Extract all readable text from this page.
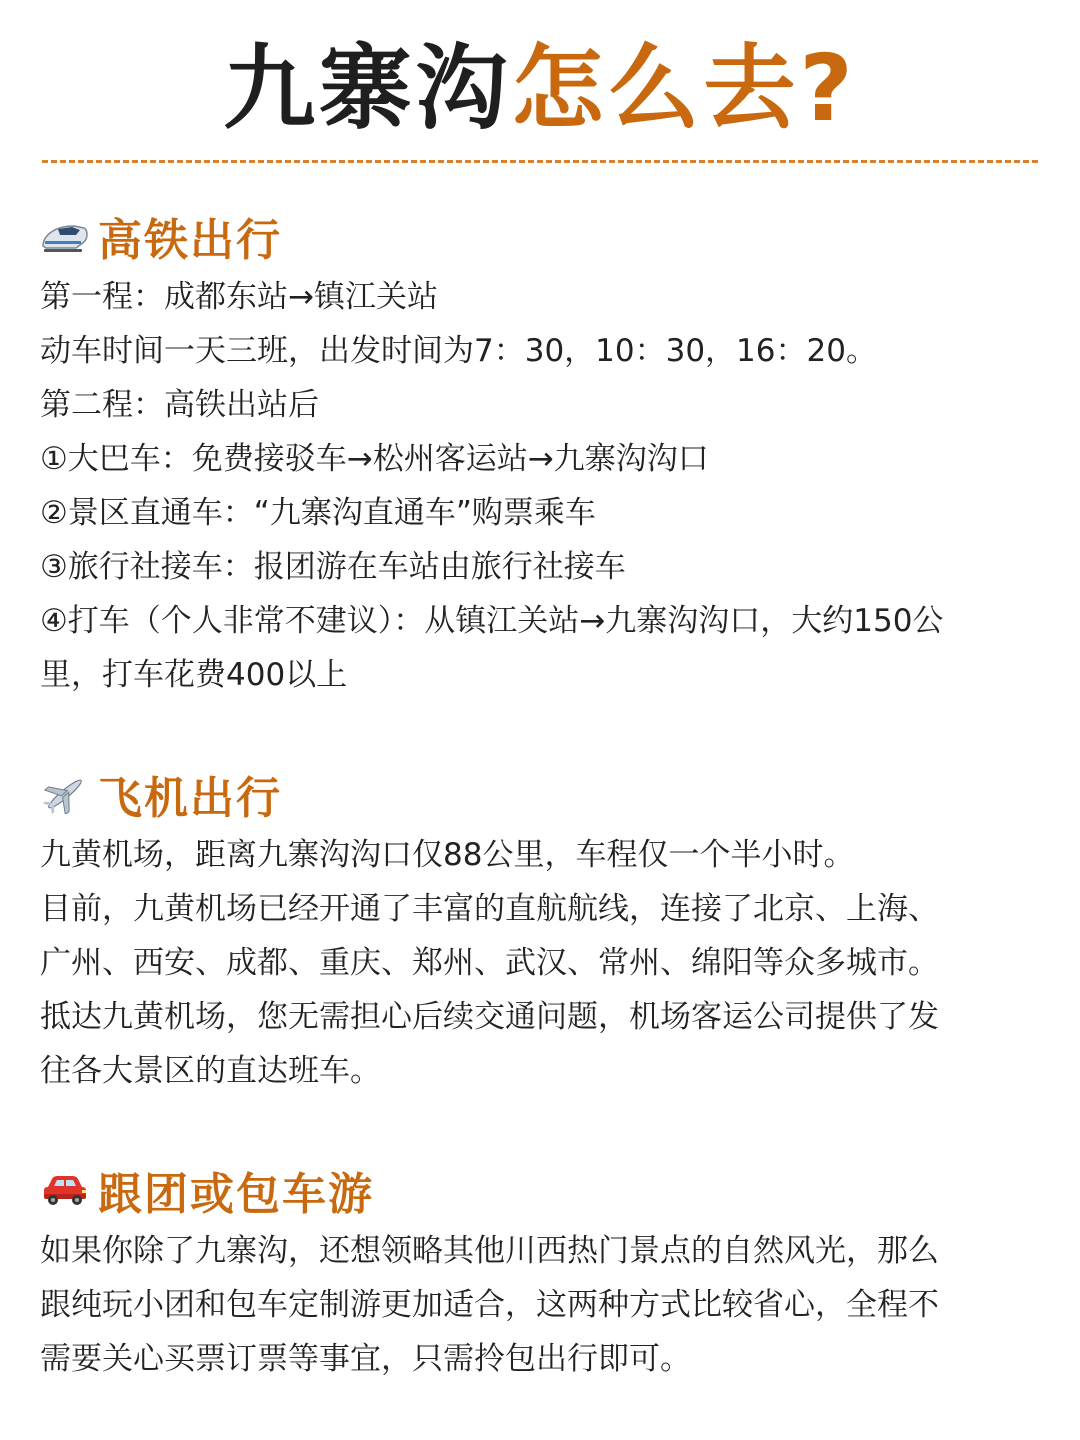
九寨沟怎么去?
高铁出行
第一程：成都东站→镇江关站
动车时间一天三班，出发时间为7：30，10：30，16：20。
第二程：高铁出站后
①大巴车：免费接驳车→松州客运站→九寨沟沟口
②景区直通车：“九寨沟直通车”购票乘车
③旅行社接车：报团游在车站由旅行社接车
④打车（个人非常不建议）：从镇江关站→九寨沟沟口，大约150公
里，打车花费400以上
飞机出行
九黄机场，距离九寨沟沟口仅88公里，车程仅一个半小时。
目前，九黄机场已经开通了丰富的直航航线，连接了北京、上海、
广州、西安、成都、重庆、郑州、武汉、常州、绵阳等众多城市。
抵达九黄机场，您无需担心后续交通问题，机场客运公司提供了发
往各大景区的直达班车。
跟团或包车游
如果你除了九寨沟，还想领略其他川西热门景点的自然风光，那么
跟纯玩小团和包车定制游更加适合，这两种方式比较省心，全程不
需要关心买票订票等事宜，只需拎包出行即可。
